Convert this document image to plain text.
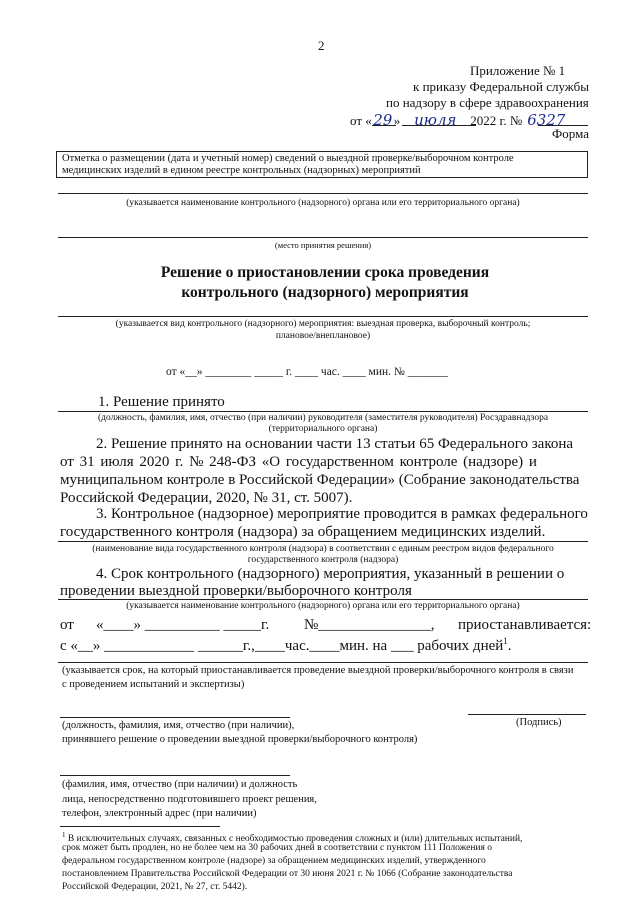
2
Приложение № 1
к приказу Федеральной службы
по надзору в сфере здравоохранения
от «29» июля 2022 г. № 6327
Форма
Отметка о размещении (дата и учетный номер) сведений о выездной проверке/выборочном контроле
медицинских изделий в едином реестре контрольных (надзорных) мероприятий
(указывается наименование контрольного (надзорного) органа или его территориального органа)
(место принятия решения)
Решение о приостановлении срока проведения
контрольного (надзорного) мероприятия
(указывается вид контрольного (надзорного) мероприятия: выездная проверка, выборочный контроль;
плановое/внеплановое)
от «__» ________ _____ г. ____ час. ____ мин. № _______
1. Решение принято
(должность, фамилия, имя, отчество (при наличии) руководителя (заместителя руководителя) Росздравнадзора
(территориального органа)
2. Решение принято на основании части 13 статьи 65 Федерального закона
от 31 июля 2020 г. № 248-ФЗ «О государственном контроле (надзоре) и
муниципальном контроле в Российской Федерации» (Собрание законодательства
Российской Федерации, 2020, № 31, ст. 5007).
3. Контрольное (надзорное) мероприятие проводится в рамках федерального
государственного контроля (надзора) за обращением медицинских изделий.
(наименование вида государственного контроля (надзора) в соответствии с единым реестром видов федерального
государственного контроля (надзора)
4. Срок контрольного (надзорного) мероприятия, указанный в решении о
проведении выездной проверки/выборочного контроля
(указывается наименование контрольного (надзорного) органа или его территориального органа)
от «____» __________ _____г. №_______________, приостанавливается:
с «__» ____________ ______г.,____час.____мин. на ___ рабочих дней$^1$.
(указывается срок, на который приостанавливается проведение выездной проверки/выборочного контроля в связи
с проведением испытаний и экспертизы)
(должность, фамилия, имя, отчество (при наличии),	(Подпись)
принявшего решение о проведении выездной проверки/выборочного контроля)
(фамилия, имя, отчество (при наличии) и должность
лица, непосредственно подготовившего проект решения,
телефон, электронный адрес (при наличии)
$^1$ В исключительных случаях, связанных с необходимостью проведения сложных и (или) длительных испытаний,
срок может быть продлен, но не более чем на 30 рабочих дней в соответствии с пунктом 111 Положения о
федеральном государственном контроле (надзоре) за обращением медицинских изделий, утвержденного
постановлением Правительства Российской Федерации от 30 июня 2021 г. № 1066 (Собрание законодательства
Российской Федерации, 2021, № 27, ст. 5442).
